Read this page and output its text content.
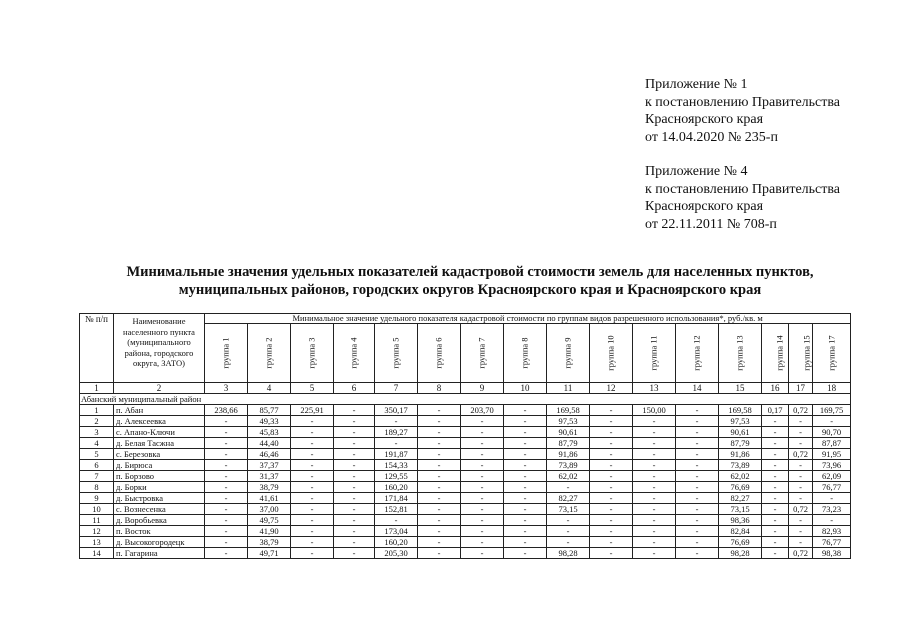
Приложение № 1
к постановлению Правительства
Красноярского края
от 14.04.2020 № 235-п
Приложение № 4
к постановлению Правительства
Красноярского края
от 22.11.2011 № 708-п
Минимальные значения удельных показателей кадастровой стоимости земель для населенных пунктов,
муниципальных районов, городских округов Красноярского края и Красноярского края
№ п/п	Наименование населенного пункта (муниципального района, городского округа, ЗАТО)	Минимальное значение удельного показателя кадастровой стоимости по группам видов разрешенного использования*, руб./кв. м															
		группа 1	группа 2	группа 3	группа 4	группа 5	группа 6	группа 7	группа 8	группа 9	группа 10	группа 11	группа 12	группа 13	группа 14	группа 15	группа 17
1	2	3	4	5	6	7	8	9	10	11	12	13	14	15	16	17	18
Абанский муниципальный район																	
1	п. Абан	238,66	85,77	225,91	-	350,17	-	203,70	-	169,58	-	150,00	-	169,58	0,17	0,72	169,75
2	д. Алексеевка	-	49,33	-	-	-	-	-	-	97,53	-	-	-	97,53	-	-	-
3	с. Апано-Ключи	-	45,83	-	-	189,27	-	-	-	90,61	-	-	-	90,61	-	-	90,70
4	д. Белая Тасжна	-	44,40	-	-	-	-	-	-	87,79	-	-	-	87,79	-	-	87,87
5	с. Березовка	-	46,46	-	-	191,87	-	-	-	91,86	-	-	-	91,86	-	0,72	91,95
6	д. Бирюса	-	37,37	-	-	154,33	-	-	-	73,89	-	-	-	73,89	-	-	73,96
7	п. Борзово	-	31,37	-	-	129,55	-	-	-	62,02	-	-	-	62,02	-	-	62,09
8	д. Борки	-	38,79	-	-	160,20	-	-	-	-	-	-	-	76,69	-	-	76,77
9	д. Быстровка	-	41,61	-	-	171,84	-	-	-	82,27	-	-	-	82,27	-	-	-
10	с. Вознесенка	-	37,00	-	-	152,81	-	-	-	73,15	-	-	-	73,15	-	0,72	73,23
11	д. Воробьевка	-	49,75	-	-	-	-	-	-	-	-	-	-	98,36	-	-	-
12	п. Восток	-	41,90	-	-	173,04	-	-	-	-	-	-	-	82,84	-	-	82,93
13	д. Высокогородецк	-	38,79	-	-	160,20	-	-	-	-	-	-	-	76,69	-	-	76,77
14	п. Гагарина	-	49,71	-	-	205,30	-	-	-	98,28	-	-	-	98,28	-	0,72	98,38
